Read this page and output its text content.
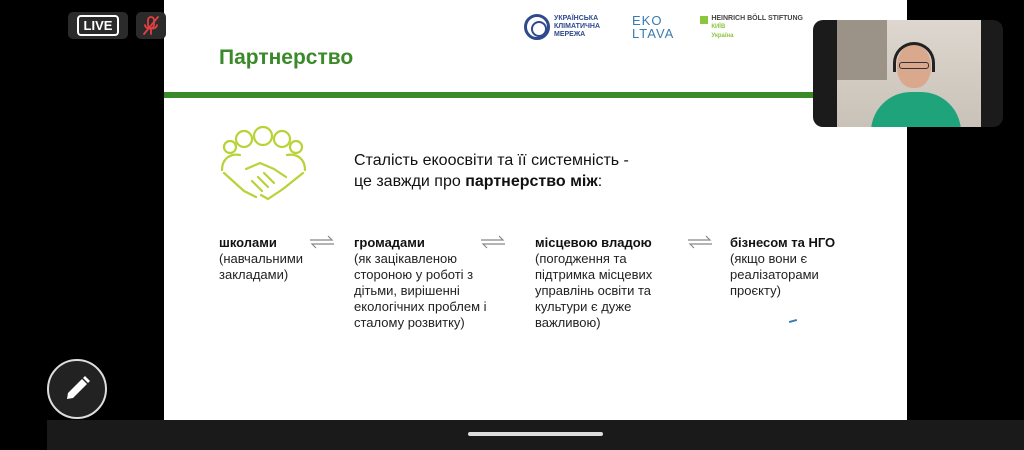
УКРАЇНСЬКА КЛІМАТИЧНА МЕРЕЖА
EKO
LTAVA
HEINRICH BÖLL STIFTUNG
КИЇВ
Україна
Партнерство
Сталість екоосвіти та її системність -
це завжди про партнерство між:
школами
(навчальними закладами)
громадами
(як зацікавленою стороною у роботі з дітьми, вирішенні екологічних проблем і сталому розвитку)
місцевою владою
(погодження та підтримка місцевих управлінь освіти та культури є дуже важливою)
бізнесом та НГО
(якщо вони є реалізаторами проєкту)
LIVE
